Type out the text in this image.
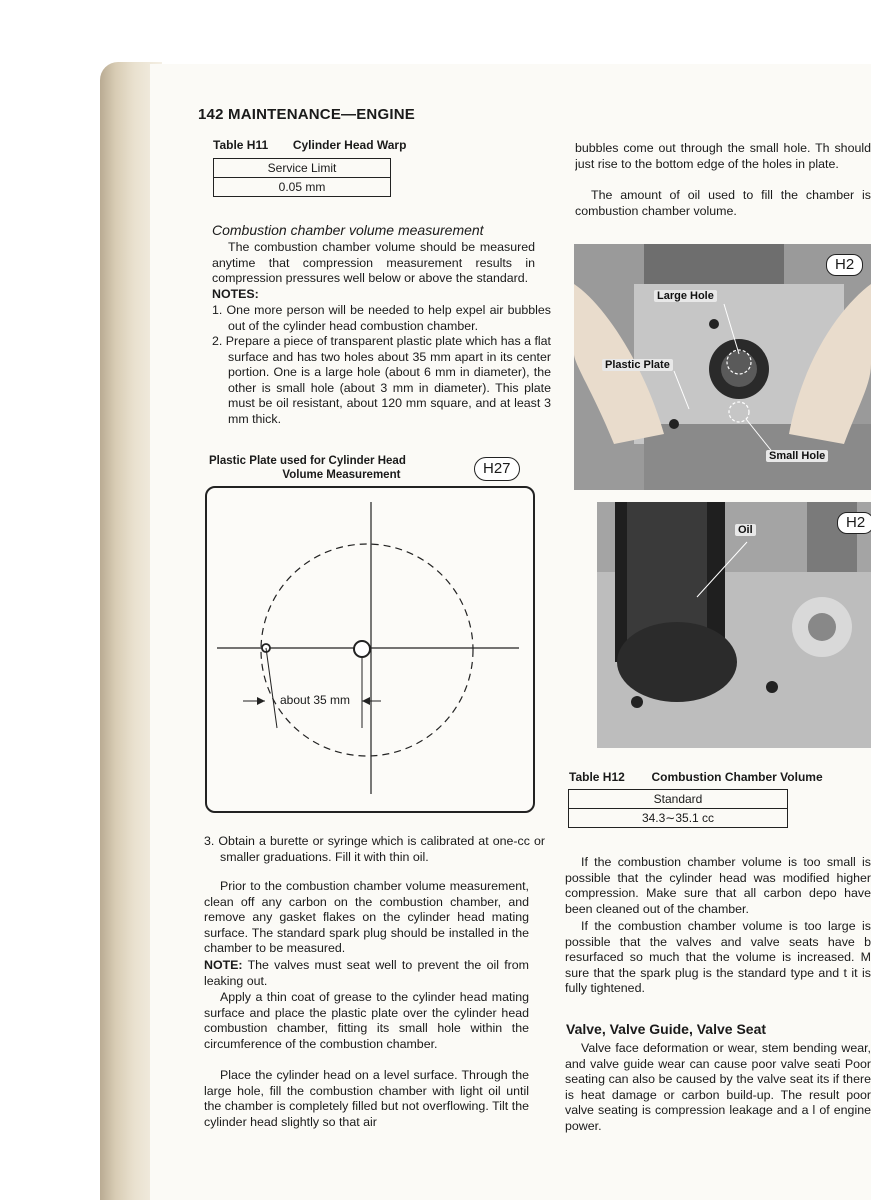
142 MAINTENANCE—ENGINE
Table H11 Cylinder Head Warp
Service Limit
0.05 mm
Combustion chamber volume measurement
The combustion chamber volume should be measured anytime that compression measurement results in compression pressures well below or above the standard.
NOTES:
1. One more person will be needed to help expel air bubbles out of the cylinder head combustion chamber.
2. Prepare a piece of transparent plastic plate which has a flat surface and has two holes about 35 mm apart in its center portion. One is a large hole (about 6 mm in diameter), the other is small hole (about 3 mm in diameter). This plate must be oil resistant, about 120 mm square, and at least 3 mm thick.
Plastic Plate used for Cylinder Head
Volume Measurement	H27
about 35 mm
3. Obtain a burette or syringe which is calibrated at one-cc or smaller graduations. Fill it with thin oil.
Prior to the combustion chamber volume measurement, clean off any carbon on the combustion chamber, and remove any gasket flakes on the cylinder head mating surface. The standard spark plug should be installed in the chamber to be measured.
NOTE: The valves must seat well to prevent the oil from leaking out.
Apply a thin coat of grease to the cylinder head mating surface and place the plastic plate over the cylinder head combustion chamber, fitting its small hole within the circumference of the combustion chamber.
Place the cylinder head on a level surface. Through the large hole, fill the combustion chamber with light oil until the chamber is completely filled but not overflowing. Tilt the cylinder head slightly so that air
bubbles come out through the small hole. Th should just rise to the bottom edge of the holes in plate.
The amount of oil used to fill the chamber is combustion chamber volume.
Large Hole
Plastic Plate
Small Hole
H2
Oil	H2
Table H12 Combustion Chamber Volume
Standard
34.3∼35.1 cc
If the combustion chamber volume is too small is possible that the cylinder head was modified higher compression. Make sure that all carbon depo have been cleaned out of the chamber.
If the combustion chamber volume is too large is possible that the valves and valve seats have b resurfaced so much that the volume is increased. M sure that the spark plug is the standard type and t it is fully tightened.
Valve, Valve Guide, Valve Seat
Valve face deformation or wear, stem bending wear, and valve guide wear can cause poor valve seati Poor seating can also be caused by the valve seat its if there is heat damage or carbon build-up. The result poor valve seating is compression leakage and a l of engine power.
